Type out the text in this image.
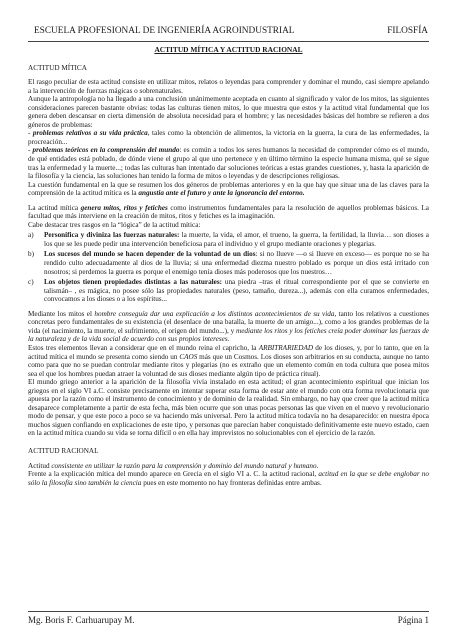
ESCUELA PROFESIONAL DE INGENIERÍA AGROINDUSTRIAL	FILOSFÍA

ACTITUD MÍTICA Y ACTITUD RACIONAL

ACTITUD MÍTICA

El rasgo peculiar de esta actitud consiste en utilizar mitos, relatos o leyendas para comprender y dominar el mundo, casi siempre apelando a la intervención de fuerzas mágicas o sobrenaturales.

Aunque la antropología no ha llegado a una conclusión unánimemente aceptada en cuanto al significado y valor de los mitos, las siguientes consideraciones parecen bastante obvias: todas las culturas tienen mitos, lo que muestra que estos y la actitud vital fundamental que los genera deben descansar en cierta dimensión de absoluta necesidad para el hombre; y las necesidades básicas del hombre se refieren a dos géneros de problemas:

- problemas relativos a su vida práctica, tales como la obtención de alimentos, la victoria en la guerra, la cura de las enfermedades, la procreación...

- problemas teóricos en la comprensión del mundo: es común a todos los seres humanos la necesidad de comprender cómo es el mundo, de qué entidades está poblado, de dónde viene el grupo al que uno pertenece y en último término la especie humana misma, qué se sigue tras la enfermedad y la muerte...; todas las culturas han intentado dar soluciones teóricas a estas grandes cuestiones, y, hasta la aparición de la filosofía y la ciencia, las soluciones han tenido la forma de mitos o leyendas y de descripciones religiosas.

La cuestión fundamental en la que se resumen los dos géneros de problemas anteriores y en la que hay que situar una de las claves para la comprensión de la actitud mítica es la angustia ante el futuro y ante la ignorancia del entorno.

La actitud mítica genera mitos, ritos y fetiches como instrumentos fundamentales para la resolución de aquellos problemas básicos. La facultad que más interviene en la creación de mitos, ritos y fetiches es la imaginación.

Cabe destacar tres rasgos en la “lógica” de la actitud mítica:

a) Personifica y diviniza las fuerzas naturales: la muerte, la vida, el amor, el trueno, la guerra, la fertilidad, la lluvia… son dioses a los que se les puede pedir una intervención beneficiosa para el individuo y el grupo mediante oraciones y plegarias.
b) Los sucesos del mundo se hacen depender de la voluntad de un dios: si no llueve —o si llueve en exceso— es porque no se ha rendido culto adecuadamente al dios de la lluvia; si una enfermedad diezma nuestro poblado es porque un dios está irritado con nosotros; si perdemos la guerra es porque el enemigo tenía dioses más poderosos que los nuestros…
c) Los objetos tienen propiedades distintas a las naturales: una piedra –tras el ritual correspondiente por el que se convierte en talismán– , es mágica, no posee sólo las propiedades naturales (peso, tamaño, dureza...), además con ella curamos enfermedades, convocamos a los dioses o a los espíritus...

Mediante los mitos el hombre conseguía dar una explicación a los distintos acontecimientos de su vida, tanto los relativos a cuestiones concretas pero fundamentales de su existencia (el desenlace de una batalla, la muerte de un amigo...), como a los grandes problemas de la vida (el nacimiento, la muerte, el sufrimiento, el origen del mundo...), y mediante los ritos y los fetiches creía poder dominar las fuerzas de la naturaleza y de la vida social de acuerdo con sus propios intereses.

Estos tres elementos llevan a considerar que en el mundo reina el capricho, la ARBITRARIEDAD de los dioses, y, por lo tanto, que en la actitud mítica el mundo se presenta como siendo un CAOS más que un Cosmos. Los dioses son arbitrarios en su conducta, aunque no tanto como para que no se puedan controlar mediante ritos y plegarias (no es extraño que un elemento común en toda cultura que posea mitos sea el que los hombres puedan atraer la voluntad de sus dioses mediante algún tipo de práctica ritual).

El mundo griego anterior a la aparición de la filosofía vivía instalado en esta actitud; el gran acontecimiento espiritual que inician los griegos en el siglo VI a.C. consiste precisamente en intentar superar esta forma de estar ante el mundo con otra forma revolucionaria que apuesta por la razón como el instrumento de conocimiento y de dominio de la realidad. Sin embargo, no hay que creer que la actitud mítica desaparece completamente a partir de esta fecha, más bien ocurre que son unas pocas personas las que viven en el nuevo y revolucionario modo de pensar, y que este poco a poco se va haciendo más universal. Pero la actitud mítica todavía no ha desaparecido: en nuestra época muchos siguen confiando en explicaciones de este tipo, y personas que parecían haber conquistado definitivamente este nuevo estado, caen en la actitud mítica cuando su vida se torna difícil o en ella hay imprevistos no solucionables con el ejercicio de la razón.

ACTITUD RACIONAL

Actitud consistente en utilizar la razón para la comprensión y dominio del mundo natural y humano.

Frente a la explicación mítica del mundo aparece en Grecia en el siglo VI a. C. la actitud racional, actitud en la que se debe englobar no sólo la filosofía sino también la ciencia pues en este momento no hay fronteras definidas entre ambas.

Mg. Boris F. Carhuarupay M.	Página 1
